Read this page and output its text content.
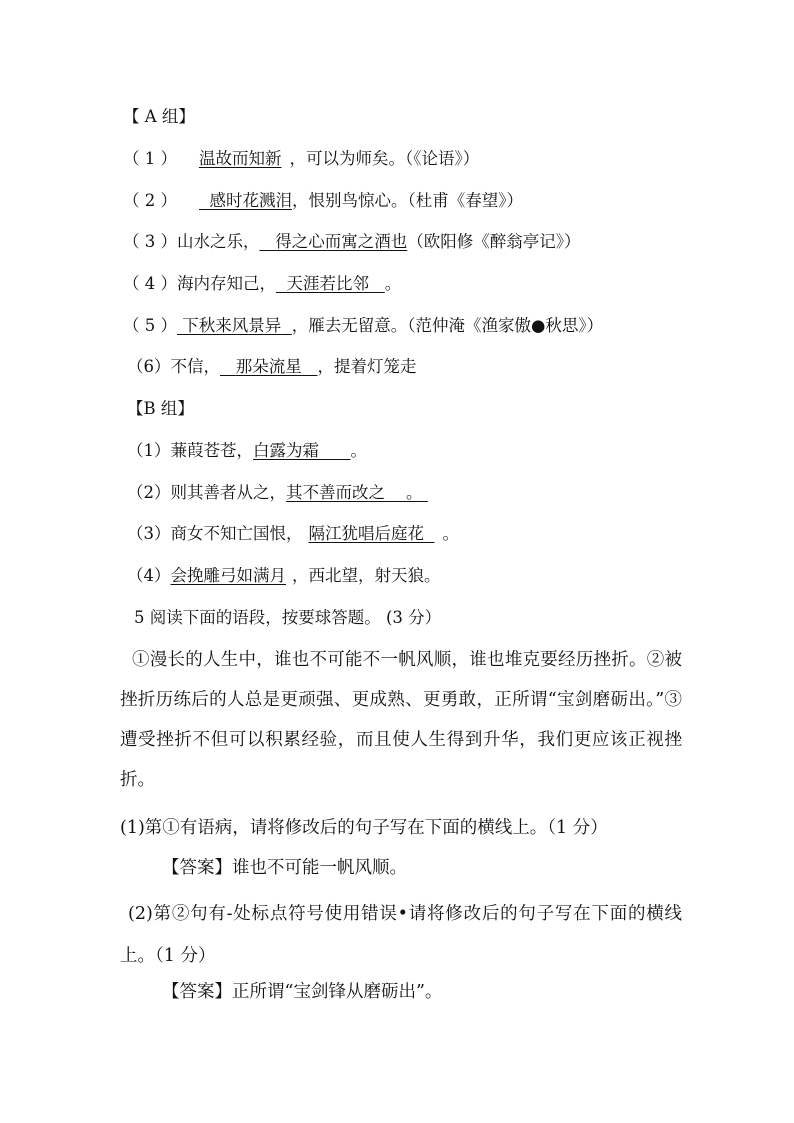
【 A 组】
（ 1 ） 温故而知新 ，可以为师矣。（《论语》）
（ 2 ） 感时花溅泪，恨别鸟惊心。（杜甫《春望》）
（ 3 ）山水之乐， 得之心而寓之酒也（欧阳修《醉翁亭记》）
（ 4 ）海内存知己， 天涯若比邻 。
（ 5 ） 下秋来风景异 ，雁去无留意。（范仲淹《渔家傲●秋思》）
（6）不信， 那朵流星 ，提着灯笼走
【B 组】
（1）蒹葭苍苍，白露为霜 。
（2）则其善者从之，其不善而改之 。
（3）商女不知亡国恨， 隔江犹唱后庭花 。
（4）会挽雕弓如满月 ，西北望，射天狼。
5 阅读下面的语段，按要球答题。 (3 分）
①漫长的人生中，谁也不可能不一帆风顺，谁也堆克要经历挫折。②被挫折历练后的人总是更顽强、更成熟、更勇敢，正所谓“宝剑磨砺出。”③遭受挫折不但可以积累经验，而且使人生得到升华，我们更应该正视挫折。
(1)第①有语病，请将修改后的句子写在下面的横线上。（1 分）
【答案】谁也不可能一帆风顺。
(2)第②句有-处标点符号使用错误•请将修改后的句子写在下面的横线上。（1 分）
【答案】正所谓“宝剑锋从磨砺出”。
